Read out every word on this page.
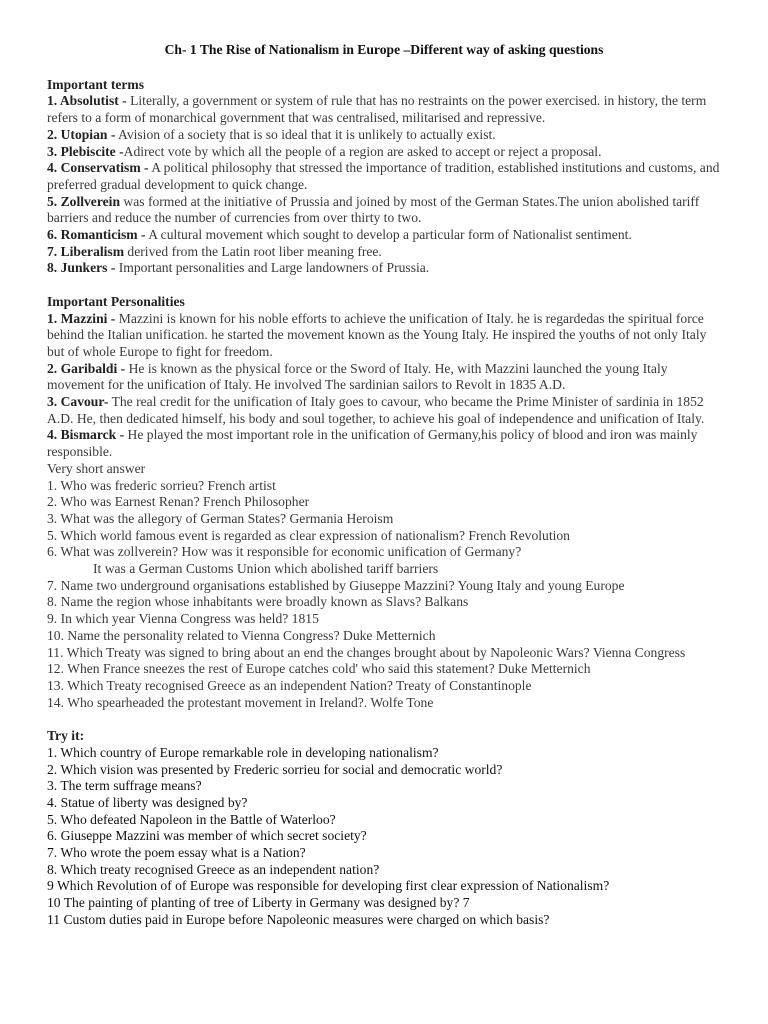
Ch- 1 The Rise of Nationalism in Europe –Different way of asking questions

Important terms

1. Absolutist - Literally, a government or system of rule that has no restraints on the power exercised. in history, the term refers to a form of monarchical government that was centralised, militarised and repressive.

2. Utopian - Avision of a society that is so ideal that it is unlikely to actually exist.

3. Plebiscite -Adirect vote by which all the people of a region are asked to accept or reject a proposal.

4. Conservatism - A political philosophy that stressed the importance of tradition, established institutions and customs, and preferred gradual development to quick change.

5. Zollverein was formed at the initiative of Prussia and joined by most of the German States.The union abolished tariff barriers and reduce the number of currencies from over thirty to two.

6. Romanticism - A cultural movement which sought to develop a particular form of Nationalist sentiment.

7. Liberalism derived from the Latin root liber meaning free.

8. Junkers - Important personalities and Large landowners of Prussia.

Important Personalities

1. Mazzini - Mazzini is known for his noble efforts to achieve the unification of Italy. he is regardedas the spiritual force behind the Italian unification. he started the movement known as the Young Italy. He inspired the youths of not only Italy but of whole Europe to fight for freedom.

2. Garibaldi - He is known as the physical force or the Sword of Italy. He, with Mazzini launched the young Italy movement for the unification of Italy. He involved The sardinian sailors to Revolt in 1835 A.D.

3. Cavour- The real credit for the unification of Italy goes to cavour, who became the Prime Minister of sardinia in 1852 A.D. He, then dedicated himself, his body and soul together, to achieve his goal of independence and unification of Italy.

4. Bismarck - He played the most important role in the unification of Germany,his policy of blood and iron was mainly responsible.

Very short answer

1. Who was frederic sorrieu? French artist

2. Who was Earnest Renan? French Philosopher

3. What was the allegory of German States? Germania Heroism

5. Which world famous event is regarded as clear expression of nationalism? French Revolution

6. What was zollverein? How was it responsible for economic unification of Germany?

It was a German Customs Union which abolished tariff barriers

7. Name two underground organisations established by Giuseppe Mazzini? Young Italy and young Europe

8. Name the region whose inhabitants were broadly known as Slavs? Balkans

9. In which year Vienna Congress was held? 1815

10. Name the personality related to Vienna Congress? Duke Metternich

11. Which Treaty was signed to bring about an end the changes brought about by Napoleonic Wars? Vienna Congress

12. When France sneezes the rest of Europe catches cold' who said this statement? Duke Metternich

13. Which Treaty recognised Greece as an independent Nation? Treaty of Constantinople

14. Who spearheaded the protestant movement in Ireland?. Wolfe Tone

Try it:

1. Which country of Europe remarkable role in developing nationalism?

2. Which vision was presented by Frederic sorrieu for social and democratic world?

3. The term suffrage means?

4. Statue of liberty was designed by?

5. Who defeated Napoleon in the Battle of Waterloo?

6. Giuseppe Mazzini was member of which secret society?

7. Who wrote the poem essay what is a Nation?

8. Which treaty recognised Greece as an independent nation?

9 Which Revolution of of Europe was responsible for developing first clear expression of Nationalism?

10 The painting of planting of tree of Liberty in Germany was designed by? 7

11 Custom duties paid in Europe before Napoleonic measures were charged on which basis?
